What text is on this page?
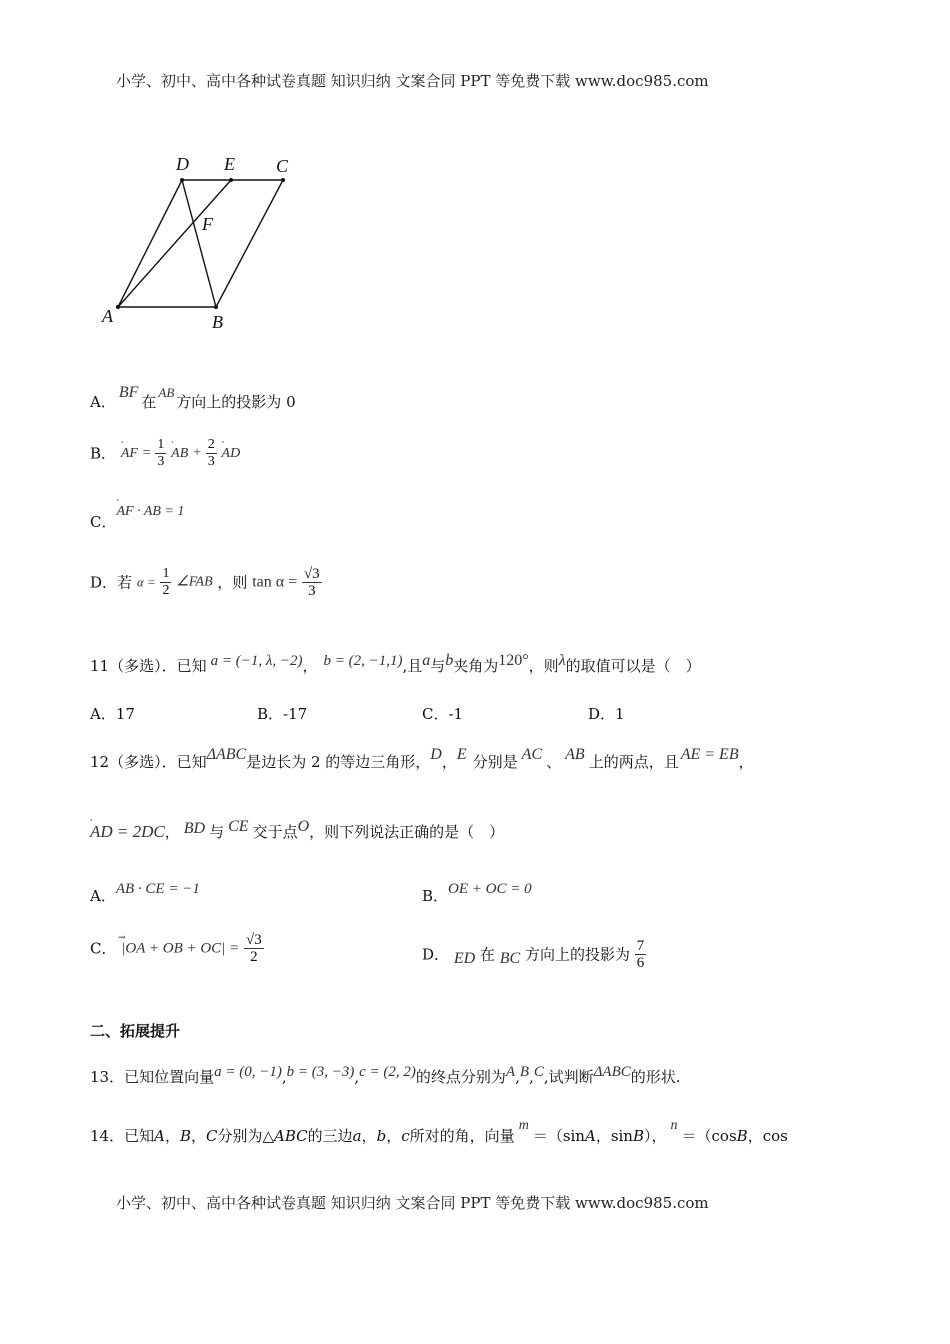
小学、初中、高中各种试卷真题 知识归纳 文案合同 PPT 等免费下载 www.doc985.com
D E C
F
A	B
A．BF在AB方向上的投影为 0
B． ∙∙∙ AF = $\frac{1}{3}$ ∙∙∙ AB + $\frac{2}{3}$ ∙∙∙ AD
C．∙∙∙ AF · AB = 1
D．若 $\alpha = \frac{1}{2}$ ∠FAB ，则 $\tan \alpha = \frac{√3}{3}$
11（多选）．已知 a = (−1, λ, −2)， b = (2, −1,1),且a与b夹角为120°，则λ的取值可以是（　）
A．17	B．-17	C．-1	D．1
12（多选）．已知ΔABC是边长为 2 的等边三角形，D，E 分别是 AC 、 AB 上的两点，且 AE = EB，
∙∙∙ AD = 2DC， BD 与 CE 交于点O，则下列说法正确的是（　）
A．AB · CE = −1	B．OE + OC = 0
C．
→
|OA + OB + $OC| = \frac{√3}{2}$	D． ED 在 BC 方向上的投影为 $\frac{7}{6}$
二、拓展提升
13．已知位置向量a = (0, −1),b = (3, −3),c = (2, 2)的终点分别为A,B,C,试判断ΔABC的形状.
14．已知A，B，C分别为△ABC的三边a，b，c所对的角，向量m＝（sinA，sinB），n＝（cosB，cos
小学、初中、高中各种试卷真题 知识归纳 文案合同 PPT 等免费下载 www.doc985.com
